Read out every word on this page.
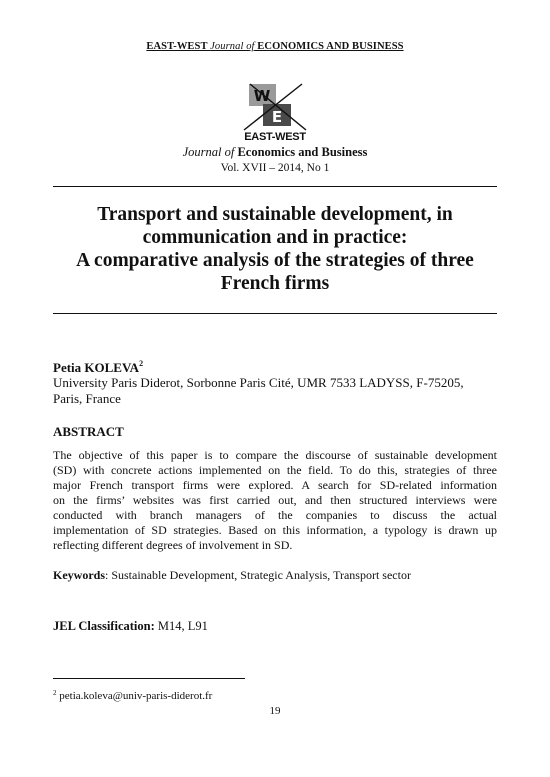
EAST-WEST Journal of ECONOMICS AND BUSINESS
W
E
EAST-WEST
Journal of Economics and Business
Vol. XVII – 2014, No 1
Transport and sustainable development, in
communication and in practice:
A comparative analysis of the strategies of three
French firms
Petia KOLEVA$^2$
University Paris Diderot, Sorbonne Paris Cité, UMR 7533 LADYSS, F-75205,
Paris, France
ABSTRACT
The objective of this paper is to compare the discourse of sustainable development
(SD) with concrete actions implemented on the field. To do this, strategies of three
major French transport firms were explored. A search for SD-related information
on the firms’ websites was first carried out, and then structured interviews were
conducted with branch managers of the companies to discuss the actual
implementation of SD strategies. Based on this information, a typology is drawn up
reflecting different degrees of involvement in SD.
Keywords: Sustainable Development, Strategic Analysis, Transport sector
JEL Classification: M14, L91
$^2$ petia.koleva@univ-paris-diderot.fr
19
